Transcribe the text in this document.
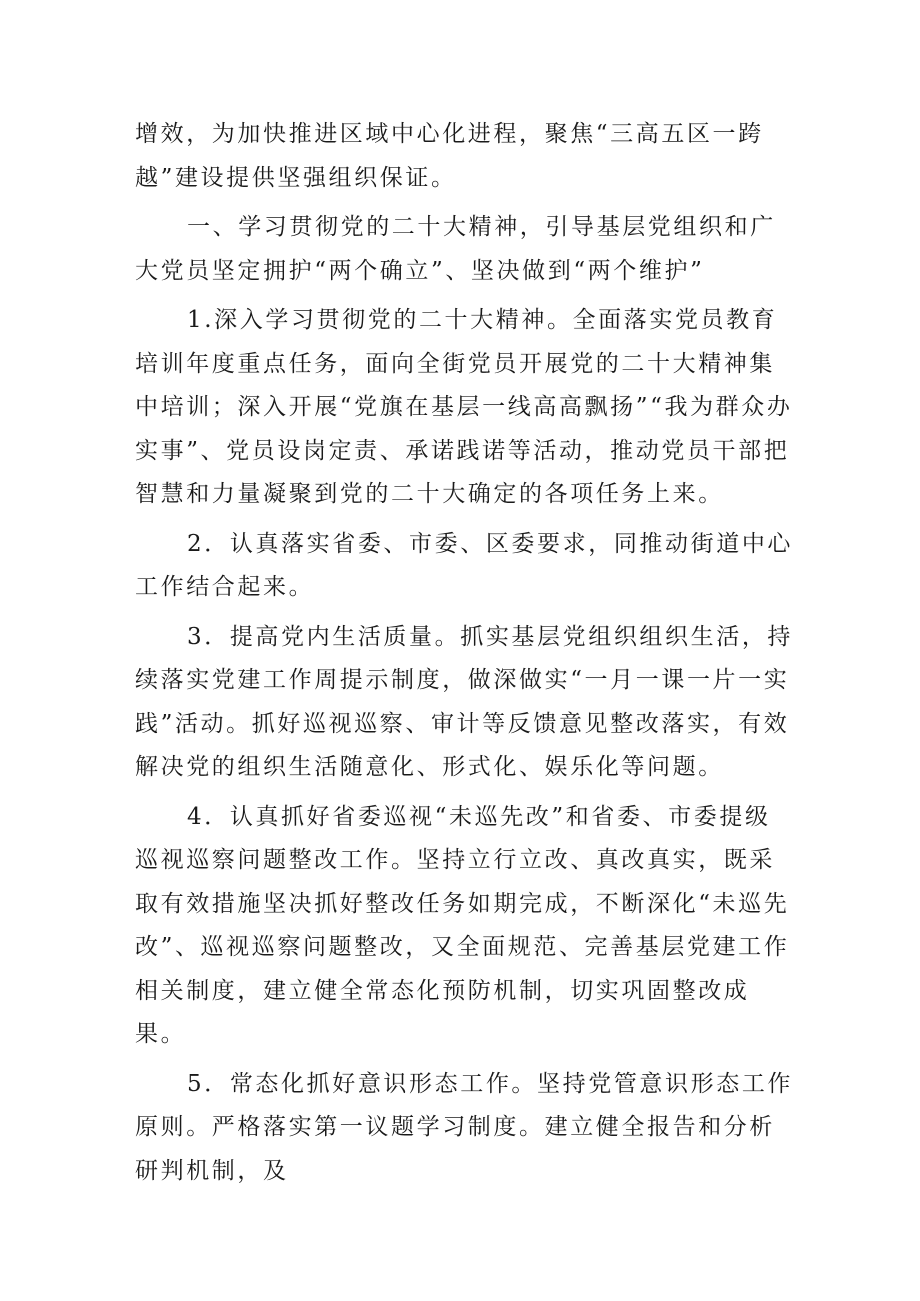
增效，为加快推进区域中心化进程，聚焦“三高五区一跨越”建设提供坚强组织保证。

一、学习贯彻党的二十大精神，引导基层党组织和广大党员坚定拥护“两个确立”、坚决做到“两个维护”

1.深入学习贯彻党的二十大精神。全面落实党员教育培训年度重点任务，面向全街党员开展党的二十大精神集中培训；深入开展“党旗在基层一线高高飘扬”“我为群众办实事”、党员设岗定责、承诺践诺等活动，推动党员干部把智慧和力量凝聚到党的二十大确定的各项任务上来。

2．认真落实省委、市委、区委要求，同推动街道中心工作结合起来。

3．提高党内生活质量。抓实基层党组织组织生活，持续落实党建工作周提示制度，做深做实“一月一课一片一实践”活动。抓好巡视巡察、审计等反馈意见整改落实，有效解决党的组织生活随意化、形式化、娱乐化等问题。

4．认真抓好省委巡视“未巡先改”和省委、市委提级巡视巡察问题整改工作。坚持立行立改、真改真实，既采取有效措施坚决抓好整改任务如期完成，不断深化“未巡先改”、巡视巡察问题整改，又全面规范、完善基层党建工作相关制度，建立健全常态化预防机制，切实巩固整改成果。

5．常态化抓好意识形态工作。坚持党管意识形态工作原则。严格落实第一议题学习制度。建立健全报告和分析研判机制，及
